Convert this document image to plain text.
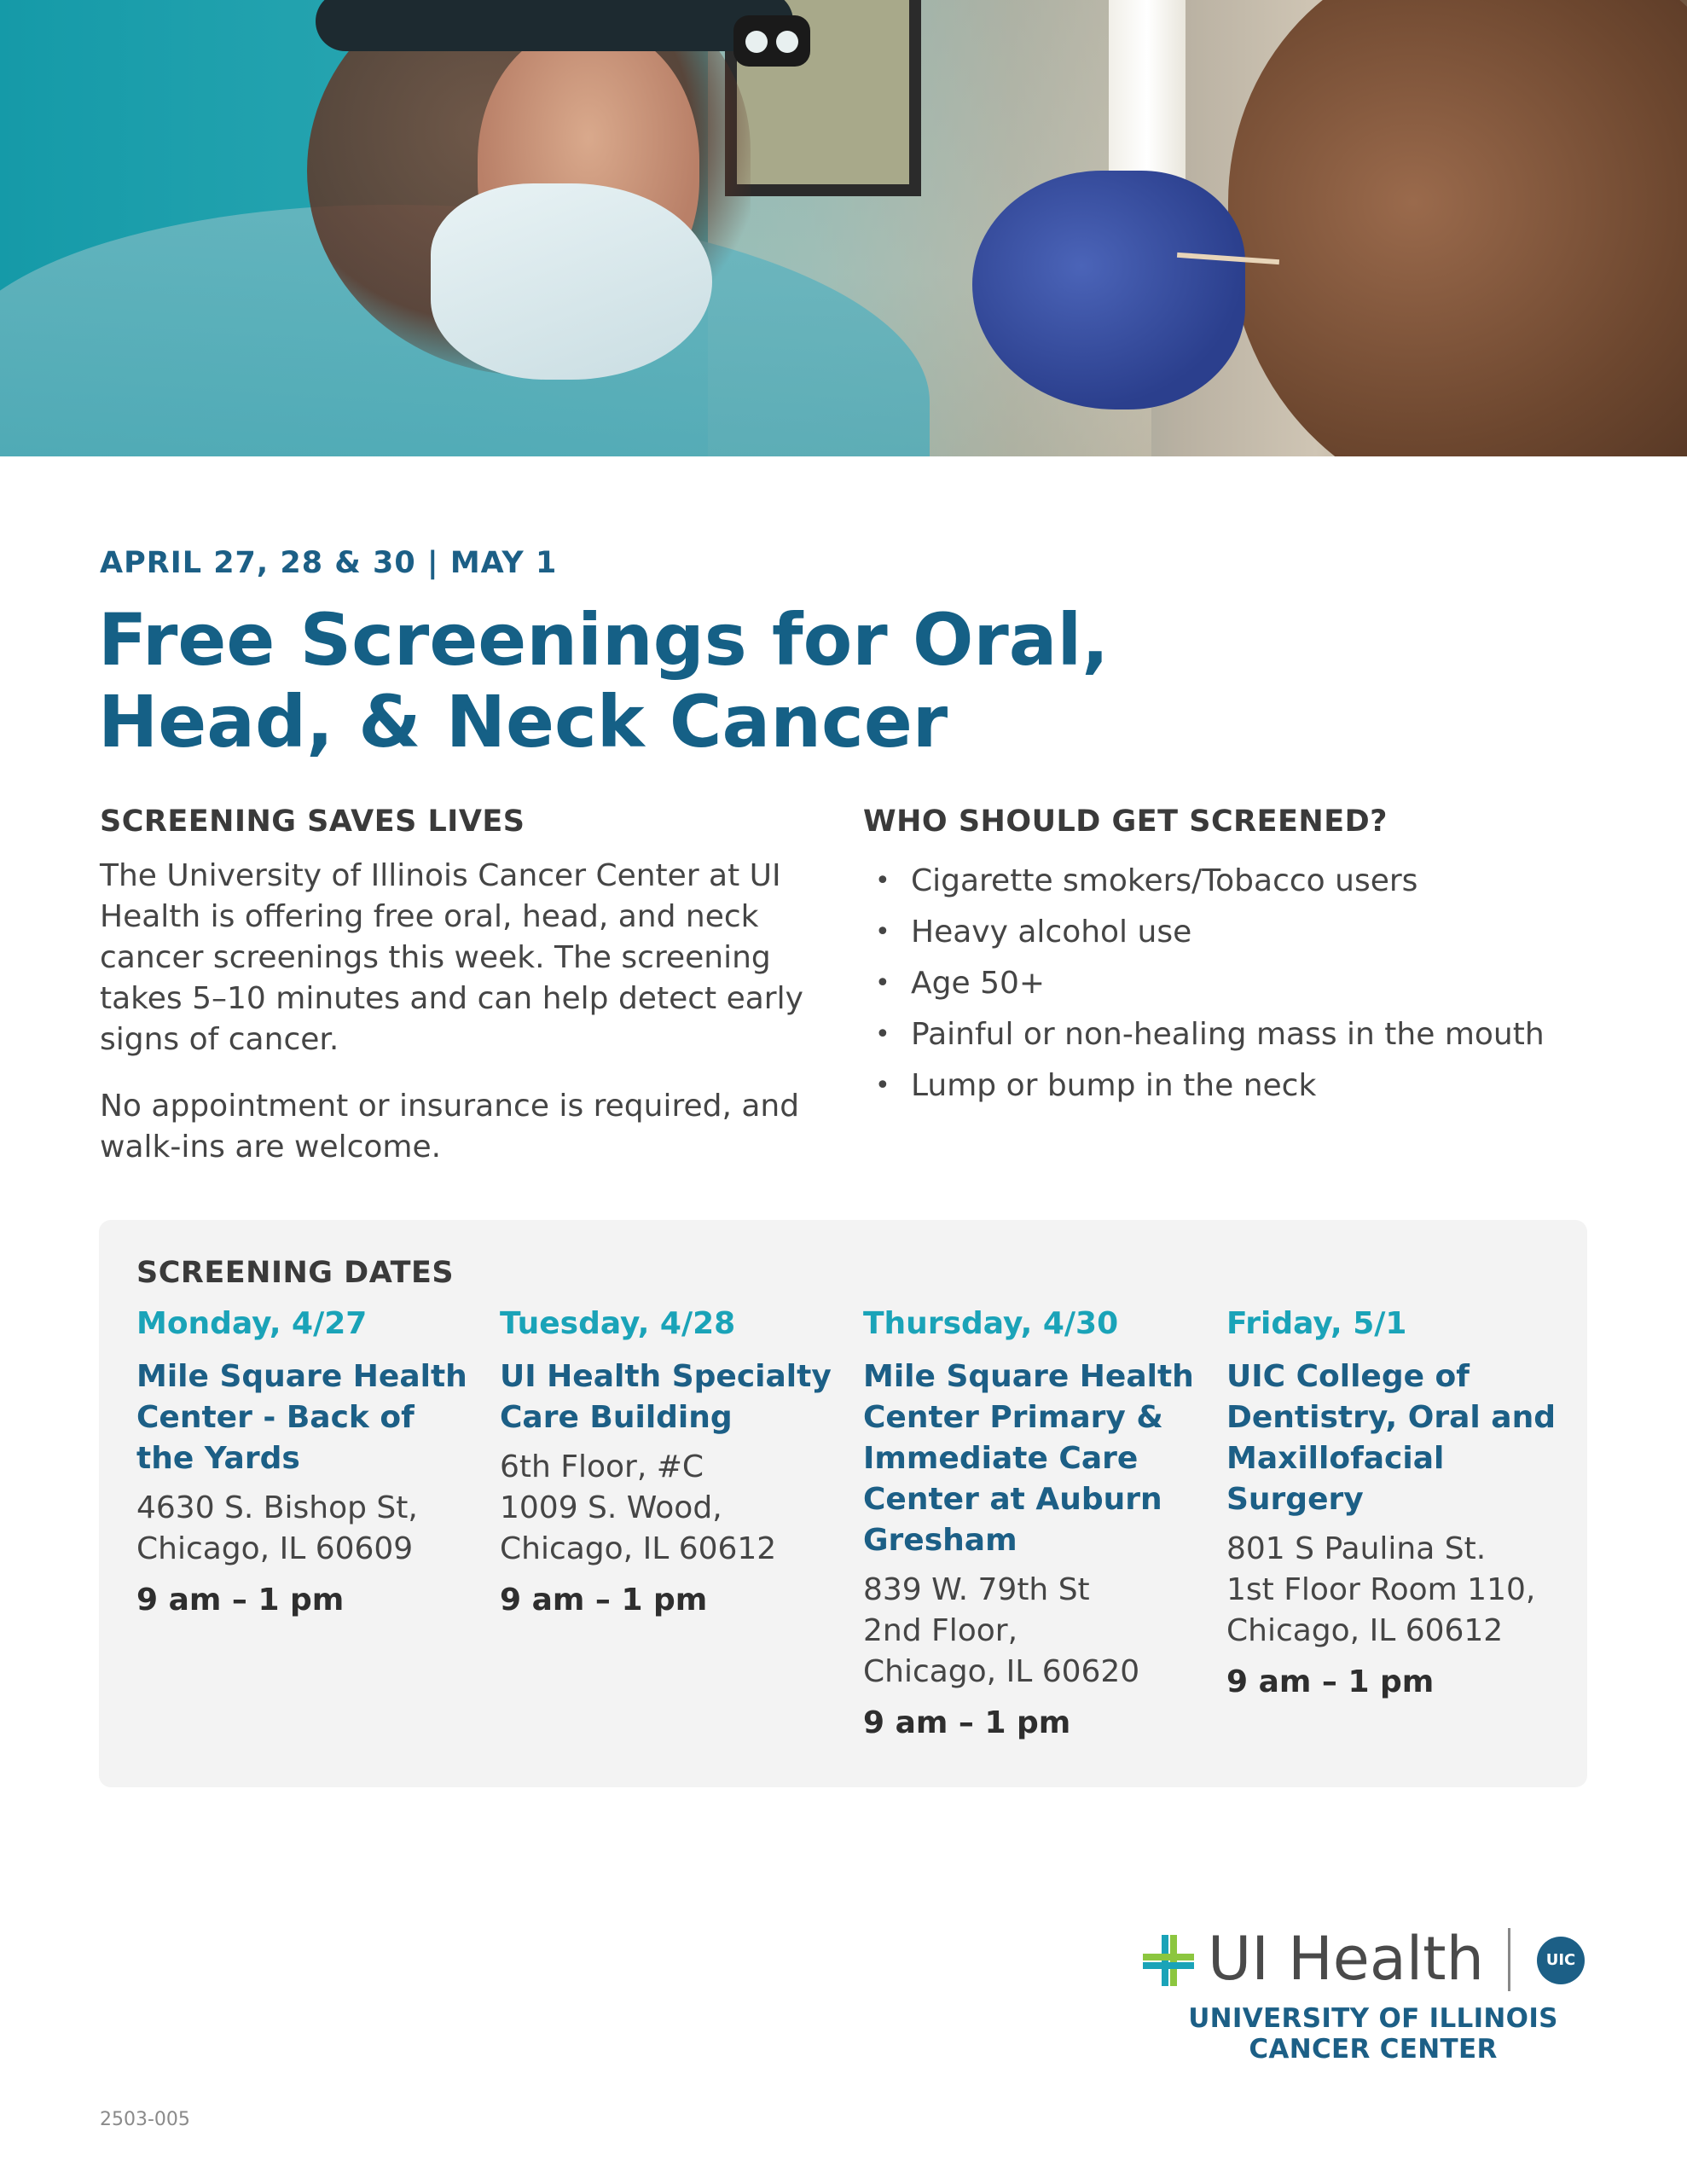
APRIL 27, 28 & 30 | MAY 1
Free Screenings for Oral,
Head, & Neck Cancer
SCREENING SAVES LIVES

The University of Illinois Cancer Center at UI Health is offering free oral, head, and neck cancer screenings this week. The screening takes 5–10 minutes and can help detect early signs of cancer.

No appointment or insurance is required, and walk-ins are welcome.

WHO SHOULD GET SCREENED?
• Cigarette smokers/Tobacco users
• Heavy alcohol use
• Age 50+
• Painful or non-healing mass in the mouth
• Lump or bump in the neck
SCREENING DATES
Monday, 4/27
Mile Square Health Center - Back of the Yards
4630 S. Bishop St,
Chicago, IL 60609
9 am – 1 pm
Tuesday, 4/28
UI Health Specialty Care Building
6th Floor, #C
1009 S. Wood,
Chicago, IL 60612
9 am – 1 pm
Thursday, 4/30
Mile Square Health Center Primary & Immediate Care Center at Auburn Gresham
839 W. 79th St
2nd Floor,
Chicago, IL 60620
9 am – 1 pm
Friday, 5/1
UIC College of Dentistry, Oral and Maxillofacial Surgery
801 S Paulina St.
1st Floor Room 110,
Chicago, IL 60612
9 am – 1 pm
UI Health	UIC
UNIVERSITY OF ILLINOIS
CANCER CENTER
2503-005
